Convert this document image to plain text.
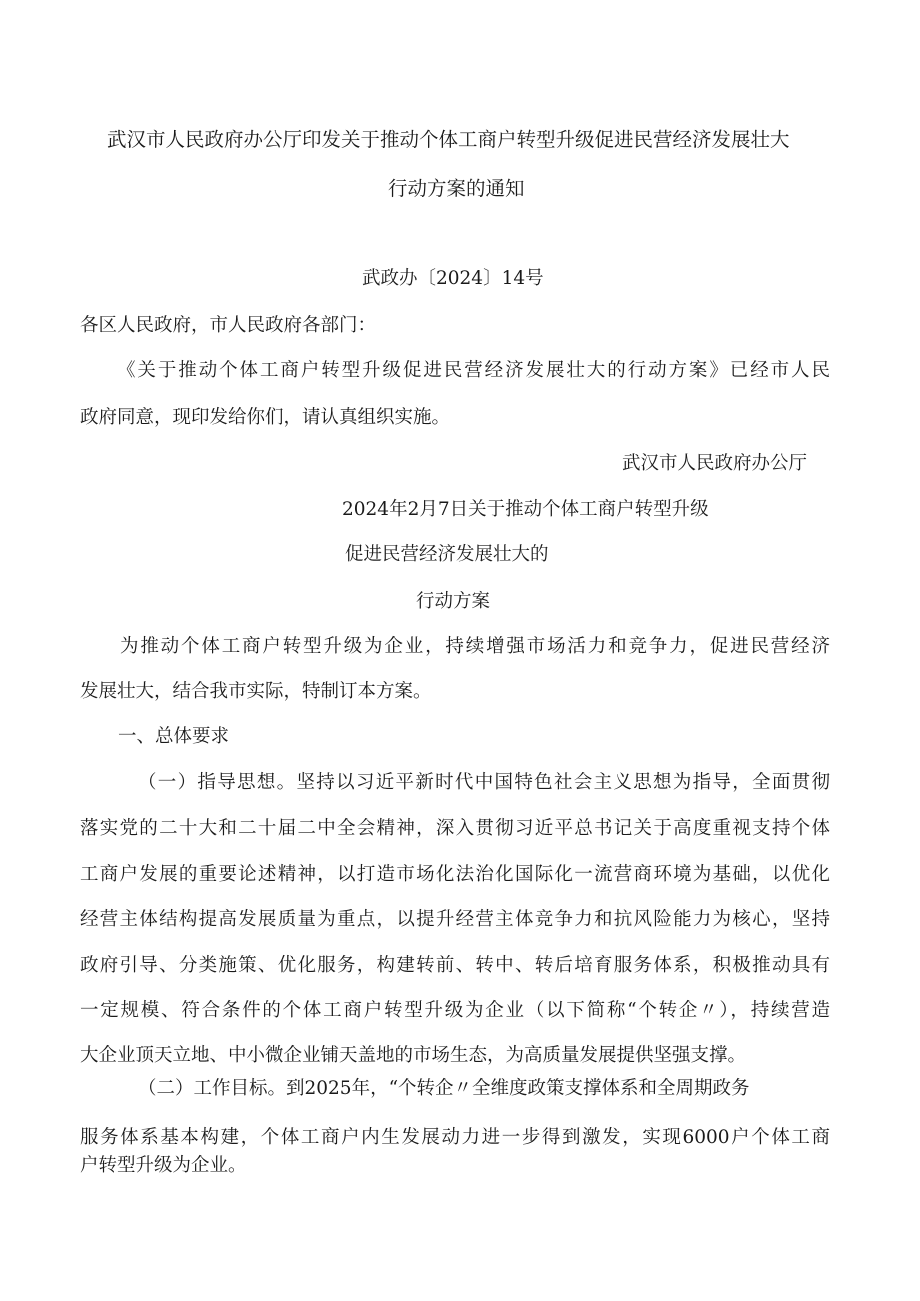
武汉市人民政府办公厅印发关于推动个体工商户转型升级促进民营经济发展壮大
行动方案的通知
武政办〔2024〕14号
各区人民政府，市人民政府各部门：
《关于推动个体工商户转型升级促进民营经济发展壮大的行动方案》已经市人民
政府同意，现印发给你们，请认真组织实施。
武汉市人民政府办公厅
2024年2月7日关于推动个体工商户转型升级
促进民营经济发展壮大的
行动方案
为推动个体工商户转型升级为企业，持续增强市场活力和竞争力，促进民营经济
发展壮大，结合我市实际，特制订本方案。
一、总体要求
（一）指导思想。坚持以习近平新时代中国特色社会主义思想为指导，全面贯彻
落实党的二十大和二十届二中全会精神，深入贯彻习近平总书记关于高度重视支持个体
工商户发展的重要论述精神，以打造市场化法治化国际化一流营商环境为基础，以优化
经营主体结构提高发展质量为重点，以提升经营主体竞争力和抗风险能力为核心，坚持
政府引导、分类施策、优化服务，构建转前、转中、转后培育服务体系，积极推动具有
一定规模、符合条件的个体工商户转型升级为企业（以下简称“个转企〃），持续营造
大企业顶天立地、中小微企业铺天盖地的市场生态，为高质量发展提供坚强支撑。
（二）工作目标。到2025年，“个转企〃全维度政策支撑体系和全周期政务
服务体系基本构建，个体工商户内生发展动力进一步得到激发，实现6000户个体工商
户转型升级为企业。
